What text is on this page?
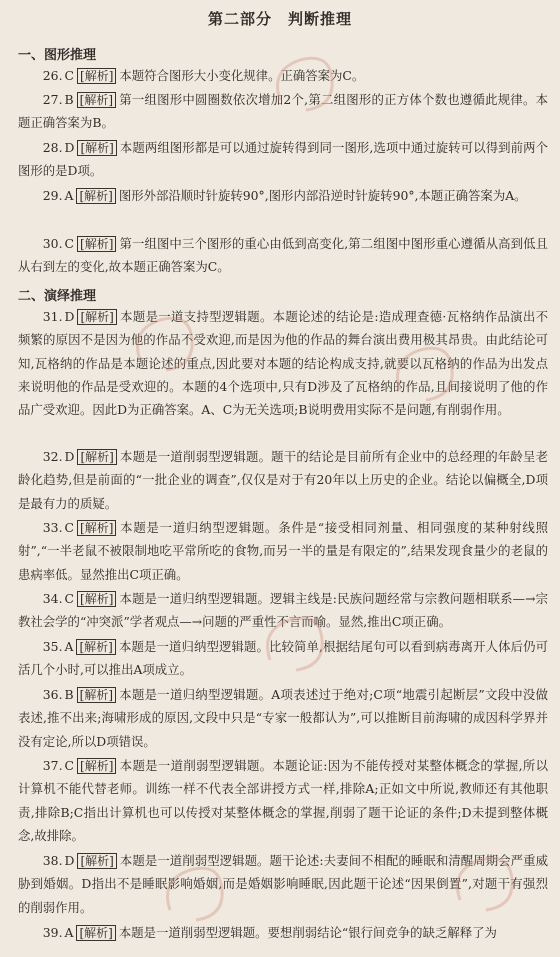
第二部分　判断推理
一、图形推理
26. C [解析] 本题符合图形大小变化规律。正确答案为C。
27. B [解析] 第一组图形中圆圈数依次增加2个,第二组图形的正方体个数也遵循此规律。本题正确答案为B。
28. D [解析] 本题两组图形都是可以通过旋转得到同一图形,选项中通过旋转可以得到前两个图形的是D项。
29. A [解析] 图形外部沿顺时针旋转90°,图形内部沿逆时针旋转90°,本题正确答案为A。
30. C [解析] 第一组图中三个图形的重心由低到高变化,第二组图中图形重心遵循从高到低且从右到左的变化,故本题正确答案为C。
二、演绎推理
31. D [解析] 本题是一道支持型逻辑题。本题论述的结论是:造成理查德·瓦格纳作品演出不频繁的原因不是因为他的作品不受欢迎,而是因为他的作品的舞台演出费用极其昂贵。由此结论可知,瓦格纳的作品是本题论述的重点,因此要对本题的结论构成支持,就要以瓦格纳的作品为出发点来说明他的作品是受欢迎的。本题的4个选项中,只有D涉及了瓦格纳的作品,且间接说明了他的作品广受欢迎。因此D为正确答案。A、C为无关选项;B说明费用实际不是问题,有削弱作用。
32. D [解析] 本题是一道削弱型逻辑题。题干的结论是目前所有企业中的总经理的年龄呈老龄化趋势,但是前面的“一批企业的调查”,仅仅是对于有20年以上历史的企业。结论以偏概全,D项是最有力的质疑。
33. C [解析] 本题是一道归纳型逻辑题。条件是“接受相同剂量、相同强度的某种射线照射”,“一半老鼠不被限制地吃平常所吃的食物,而另一半的量是有限定的”,结果发现食量少的老鼠的患病率低。显然推出C项正确。
34. C [解析] 本题是一道归纳型逻辑题。逻辑主线是:民族问题经常与宗教问题相联系—→宗教社会学的“冲突派”学者观点—→问题的严重性不言而喻。显然,推出C项正确。
35. A [解析] 本题是一道归纳型逻辑题。比较简单,根据结尾句可以看到病毒离开人体后仍可活几个小时,可以推出A项成立。
36. B [解析] 本题是一道归纳型逻辑题。A项表述过于绝对;C项“地震引起断层”文段中没做表述,推不出来;海啸形成的原因,文段中只是“专家一般都认为”,可以推断目前海啸的成因科学界并没有定论,所以D项错误。
37. C [解析] 本题是一道削弱型逻辑题。本题论证:因为不能传授对某整体概念的掌握,所以计算机不能代替老师。训练一样不代表全部讲授方式一样,排除A;正如文中所说,教师还有其他职责,排除B;C指出计算机也可以传授对某整体概念的掌握,削弱了题干论证的条件;D未提到整体概念,故排除。
38. D [解析] 本题是一道削弱型逻辑题。题干论述:夫妻间不相配的睡眠和清醒周期会严重威胁到婚姻。D指出不是睡眠影响婚姻,而是婚姻影响睡眠,因此题干论述“因果倒置”,对题干有强烈的削弱作用。
39. A [解析] 本题是一道削弱型逻辑题。要想削弱结论“银行间竞争的缺乏解释了为
